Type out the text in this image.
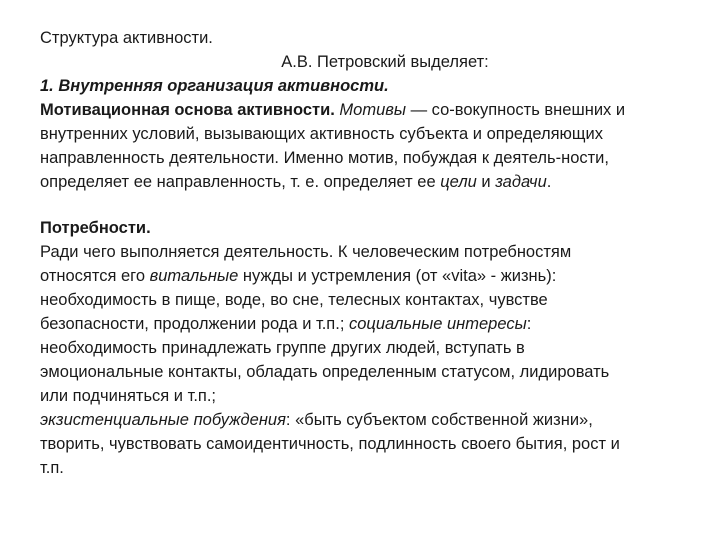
Структура активности.
А.В. Петровский выделяет:
1. Внутренняя организация активности.
Мотивационная основа активности. Мотивы — со-вокупность внешних и
внутренних условий, вызывающих активность субъекта и определяющих
направленность деятельности. Именно мотив, побуждая к деятель-ности,
определяет ее направленность, т. е. определяет ее цели и задачи.
Потребности.
Ради чего выполняется деятельность. К человеческим потребностям
относятся его витальные нужды и устремления (от «vita» - жизнь):
необходимость в пище, воде, во сне, телесных контактах, чувстве
безопасности, продолжении рода и т.п.; социальные интересы:
необходимость принадлежать группе других людей, вступать в
эмоциональные контакты, обладать определенным статусом, лидировать
или подчиняться и т.п.;
экзистенциальные побуждения: «быть субъектом собственной жизни»,
творить, чувствовать самоидентичность, подлинность своего бытия, рост и
т.п.
